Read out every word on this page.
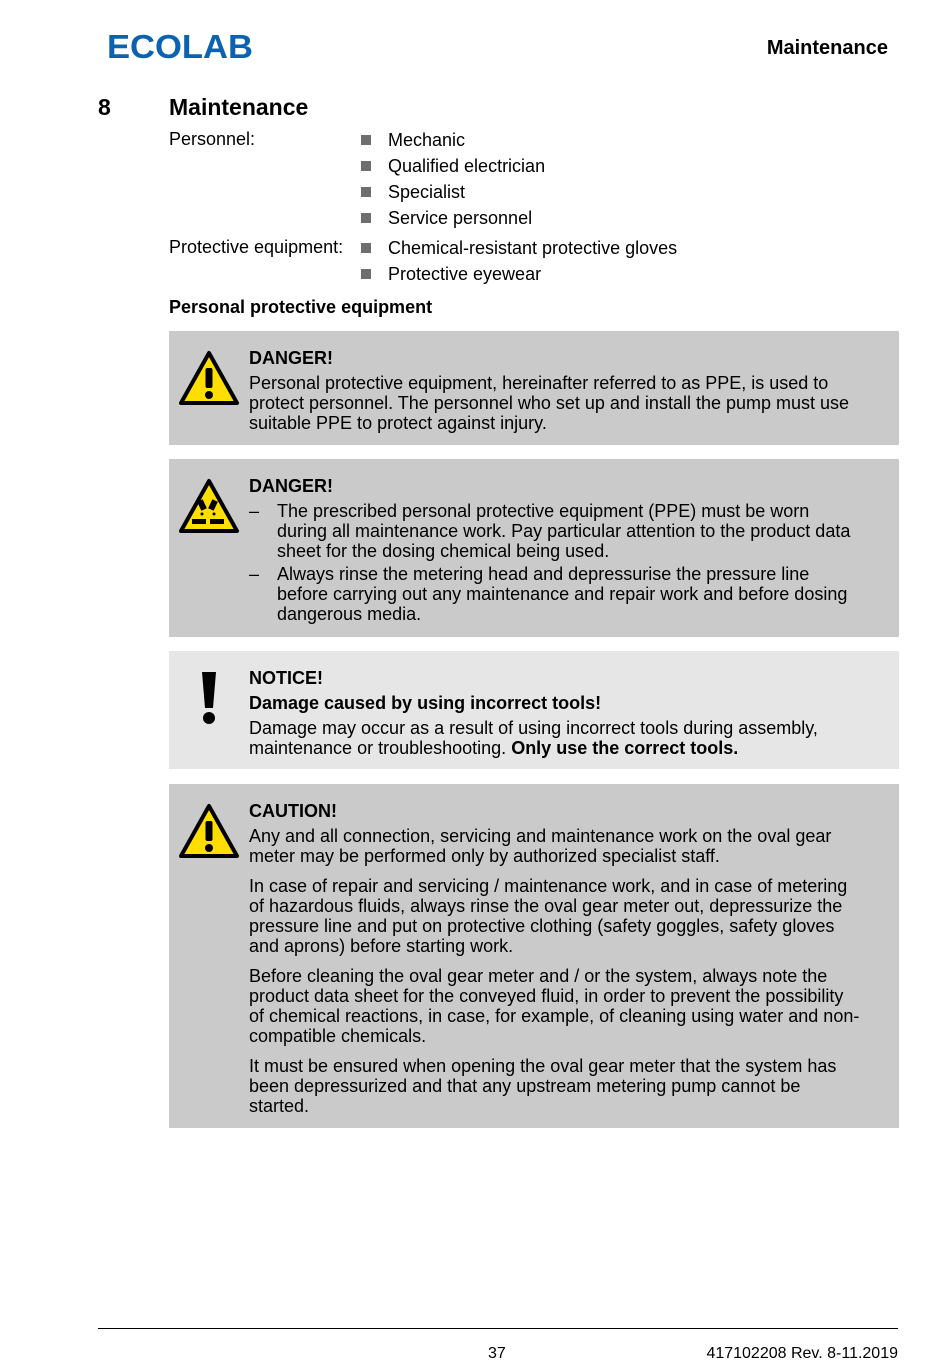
ECOLAB	Maintenance
8	Maintenance
Personnel:	Mechanic
Qualified electrician
Specialist
Service personnel
Protective equipment:	Chemical-resistant protective gloves
Protective eyewear
Personal protective equipment
DANGER!

Personal protective equipment, hereinafter referred to as PPE, is used to protect personnel. The personnel who set up and install the pump must use suitable PPE to protect against injury.

DANGER!
– The prescribed personal protective equipment (PPE) must be worn during all maintenance work. Pay particular attention to the product data sheet for the dosing chemical being used.
– Always rinse the metering head and depressurise the pressure line before carrying out any maintenance and repair work and before dosing dangerous media.
NOTICE!
Damage caused by using incorrect tools!

Damage may occur as a result of using incorrect tools during assembly, maintenance or troubleshooting. Only use the correct tools.

CAUTION!

Any and all connection, servicing and maintenance work on the oval gear meter may be performed only by authorized specialist staff.

In case of repair and servicing / maintenance work, and in case of metering of hazardous fluids, always rinse the oval gear meter out, depressurize the pressure line and put on protective clothing (safety goggles, safety gloves and aprons) before starting work.

Before cleaning the oval gear meter and / or the system, always note the product data sheet for the conveyed fluid, in order to prevent the possibility of chemical reactions, in case, for example, of cleaning using water and non-compatible chemicals.

It must be ensured when opening the oval gear meter that the system has been depressurized and that any upstream metering pump cannot be started.

37	417102208 Rev. 8-11.2019
